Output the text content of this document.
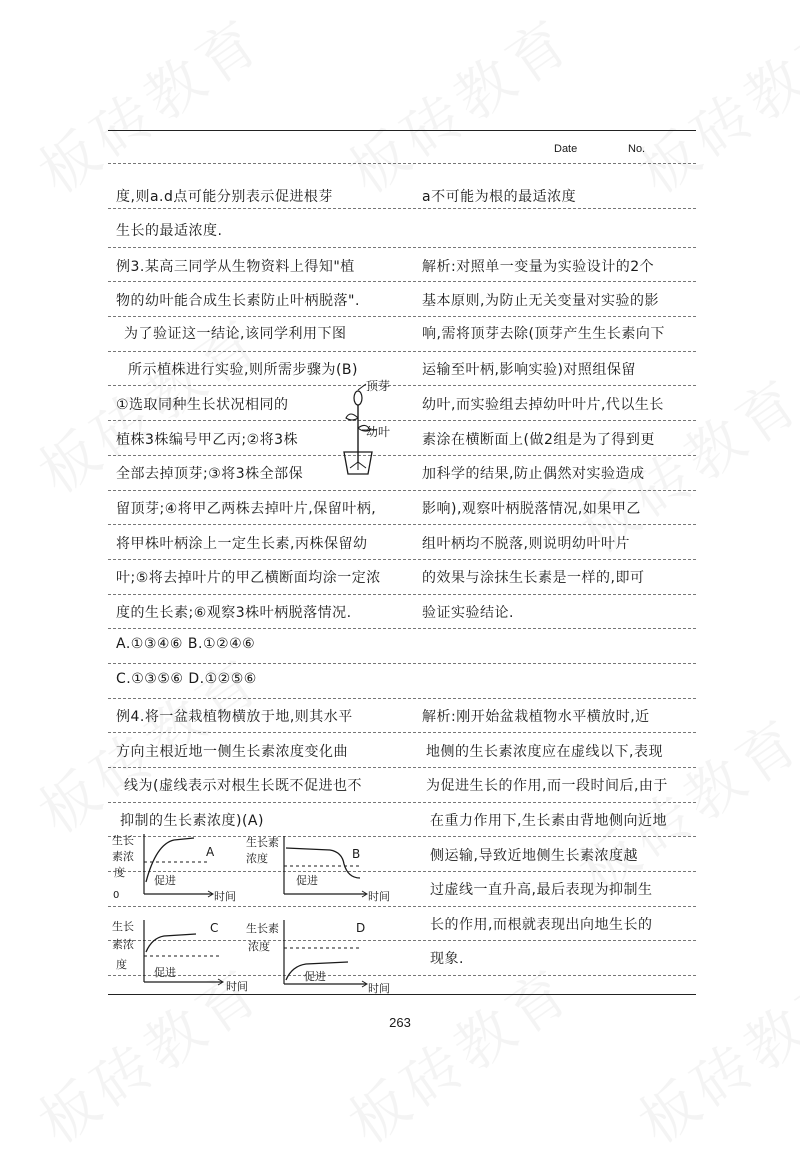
Date	No.
度,则a.d点可能分别表示促进根芽
生长的最适浓度.
例3.某高三同学从生物资料上得知"植
物的幼叶能合成生长素防止叶柄脱落".
为了验证这一结论,该同学利用下图
所示植株进行实验,则所需步骤为(B)
①选取同种生长状况相同的
植株3株编号甲乙丙;②将3株
全部去掉顶芽;③将3株全部保
留顶芽;④将甲乙两株去掉叶片,保留叶柄,
将甲株叶柄涂上一定生长素,丙株保留幼
叶;⑤将去掉叶片的甲乙横断面均涂一定浓
度的生长素;⑥观察3株叶柄脱落情况.
A.①③④⑥ B.①②④⑥
C.①③⑤⑥ D.①②⑤⑥
例4.将一盆栽植物横放于地,则其水平
方向主根近地一侧生长素浓度变化曲
线为(虚线表示对根生长既不促进也不
抑制的生长素浓度)(A)
a不可能为根的最适浓度
解析:对照单一变量为实验设计的2个
基本原则,为防止无关变量对实验的影
响,需将顶芽去除(顶芽产生生长素向下
运输至叶柄,影响实验)对照组保留
幼叶,而实验组去掉幼叶叶片,代以生长
素涂在横断面上(做2组是为了得到更
加科学的结果,防止偶然对实验造成
影响),观察叶柄脱落情况,如果甲乙
组叶柄均不脱落,则说明幼叶叶片
的效果与涂抹生长素是一样的,即可
验证实验结论.
解析:刚开始盆栽植物水平横放时,近
地侧的生长素浓度应在虚线以下,表现
为促进生长的作用,而一段时间后,由于
在重力作用下,生长素由背地侧向近地
侧运输,导致近地侧生长素浓度越
过虚线一直升高,最后表现为抑制生
长的作用,而根就表现出向地生长的
现象.
顶芽
幼叶
生长
素浓
度
0
A
促进
时间
生长素
浓度	B
促进
时间
生长
素浓
度
C
促进
时间
生长素
浓度
D
促进
时间
263
